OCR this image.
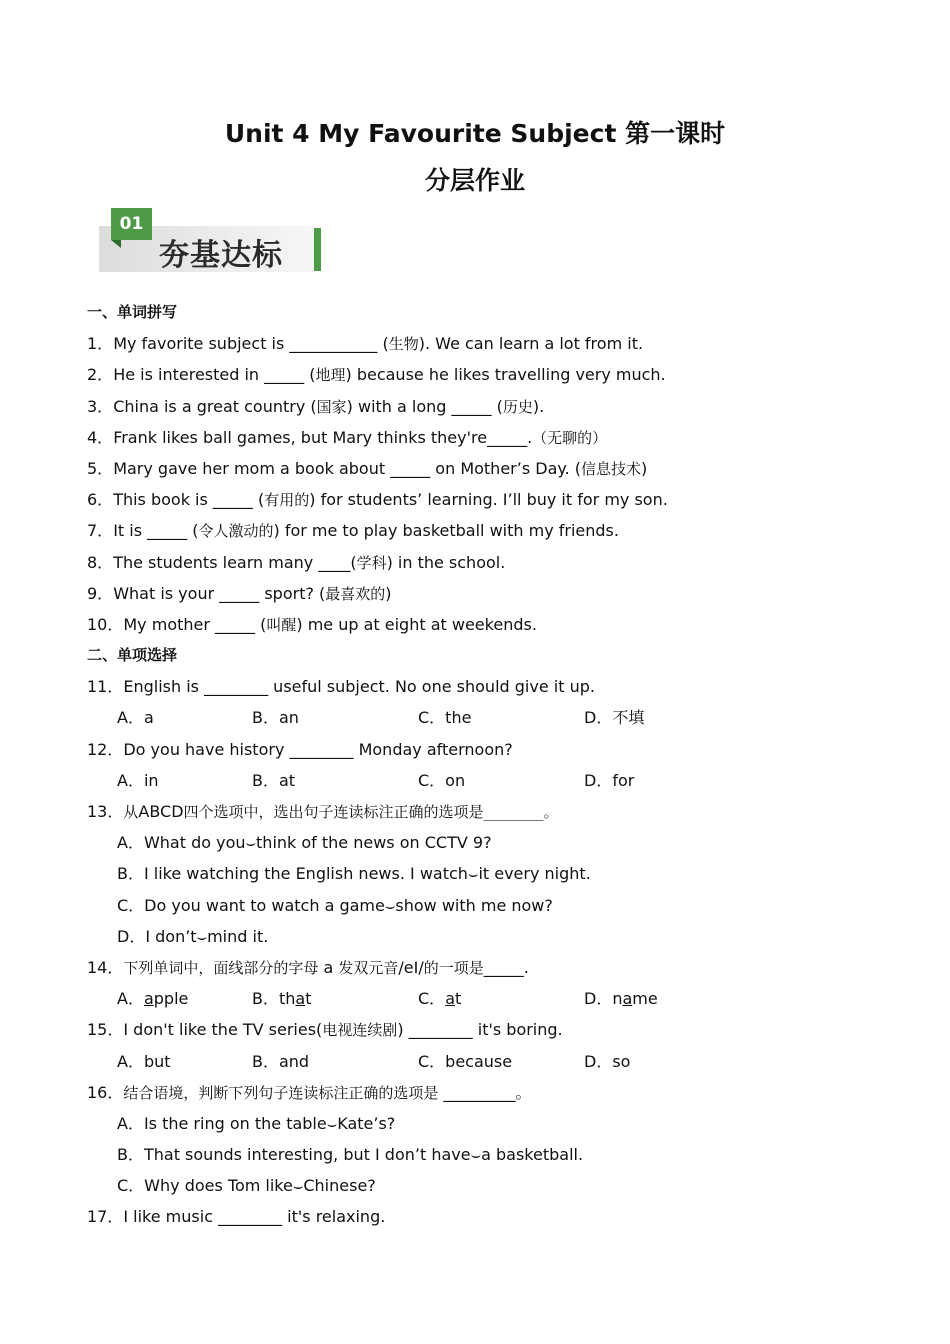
Unit 4 My Favourite Subject 第一课时
分层作业
01
夯基达标
一、单词拼写
1．My favorite subject is ___________ (生物). We can learn a lot from it.
2．He is interested in _____ (地理) because he likes travelling very much.
3．China is a great country (国家) with a long _____ (历史).
4．Frank likes ball games, but Mary thinks they're_____.（无聊的）
5．Mary gave her mom a book about _____ on Mother’s Day. (信息技术)
6．This book is _____ (有用的) for students’ learning. I’ll buy it for my son.
7．It is _____ (令人激动的) for me to play basketball with my friends.
8．The students learn many ____(学科) in the school.
9．What is your _____ sport? (最喜欢的)
10．My mother _____ (叫醒) me up at eight at weekends.
二、单项选择
11．English is ________ useful subject. No one should give it up.
A．a	B．an	C．the	D．不填
12．Do you have history ________ Monday afternoon?
A．in	B．at	C．on	D．for
13．从ABCD四个选项中，选出句子连读标注正确的选项是________。
A．What do you⌣think of the news on CCTV 9?
B．I like watching the English news. I watch⌣it every night.
C．Do you want to watch a game⌣show with me now?
D．I don’t⌣mind it.
14．下列单词中，面线部分的字母 a 发双元音/eI/的一项是_____.
A．apple	B．that	C．at	D．name
15．I don't like the TV series(电视连续剧) ________ it's boring.
A．but	B．and	C．because	D．so
16．结合语境，判断下列句子连读标注正确的选项是 _________。
A．Is the ring on the table⌣Kate’s?
B．That sounds interesting, but I don’t have⌣a basketball.
C．Why does Tom like⌣Chinese?
17．I like music ________ it's relaxing.
